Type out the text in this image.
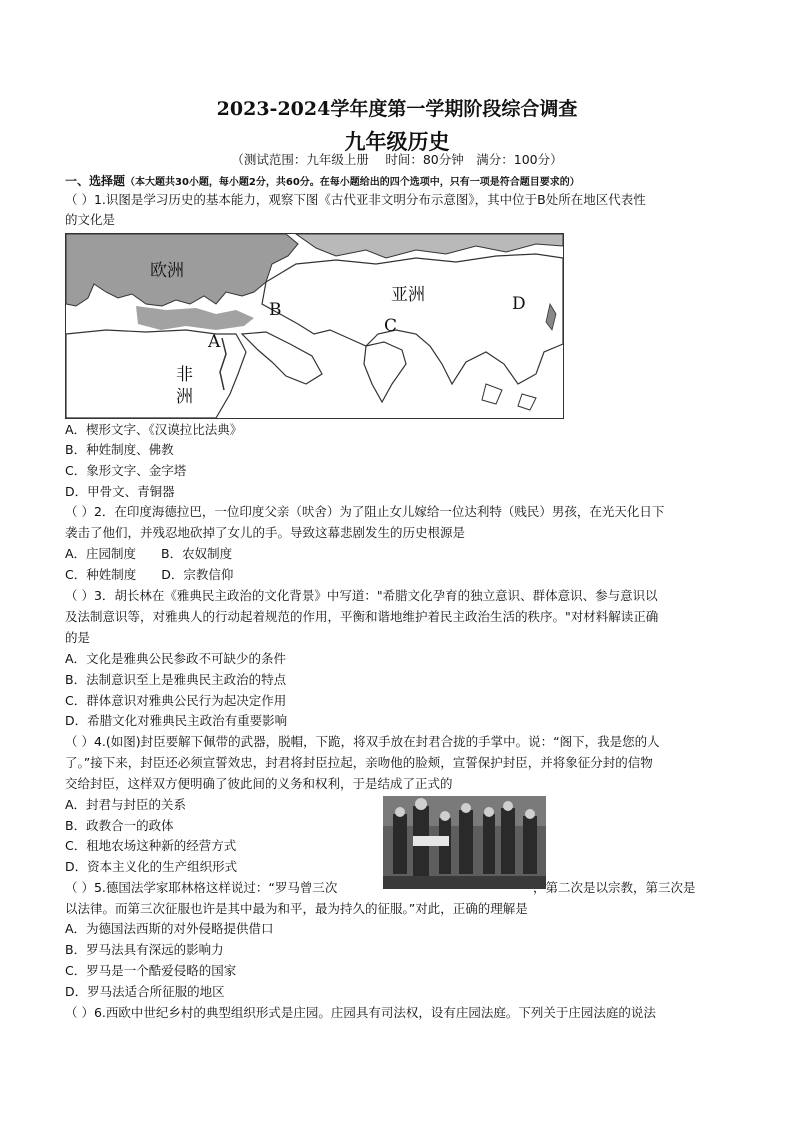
2023-2024学年度第一学期阶段综合调查
九年级历史
（测试范围：九年级上册　 时间：80分钟　满分：100分）
一、选择题（本大题共30小题，每小题2分，共60分。在每小题给出的四个选项中，只有一项是符合题目要求的）
（ ）1.识图是学习历史的基本能力，观察下图《古代亚非文明分布示意图》，其中位于B处所在地区代表性
的文化是
欧洲
亚洲
非
洲
A
B
C
D
A．楔形文字、《汉谟拉比法典》
B．种姓制度、佛教
C．象形文字、金字塔
D．甲骨文、青铜器
（ ）2．在印度海德拉巴，一位印度父亲（吠舍）为了阻止女儿嫁给一位达利特（贱民）男孩，在光天化日下
袭击了他们，并残忍地砍掉了女儿的手。导致这幕悲剧发生的历史根源是
A．庄园制度　　B．农奴制度
C．种姓制度　　D．宗教信仰
（ ）3．胡长林在《雅典民主政治的文化背景》中写道："希腊文化孕育的独立意识、群体意识、参与意识以
及法制意识等，对雅典人的行动起着规范的作用，平衡和谐地维护着民主政治生活的秩序。"对材料解读正确
的是
A．文化是雅典公民参政不可缺少的条件
B．法制意识至上是雅典民主政治的特点
C．群体意识对雅典公民行为起决定作用
D．希腊文化对雅典民主政治有重要影响
（ ）4.(如图)封臣要解下佩带的武器，脱帽，下跪，将双手放在封君合拢的手掌中。说：“阁下，我是您的人
了。”接下来，封臣还必须宣誓效忠，封君将封臣拉起，亲吻他的脸颊，宣誓保护封臣，并将象征分封的信物
交给封臣，这样双方便明确了彼此间的义务和权利，于是结成了正式的
A．封君与封臣的关系
B．政教合一的政体
C．租地农场这种新的经营方式
D．资本主义化的生产组织形式
（ ）5.德国法学家耶林格这样说过：“罗马曾三次	，第二次是以宗教，第三次是
以法律。而第三次征服也许是其中最为和平，最为持久的征服。”对此，正确的理解是
A．为德国法西斯的对外侵略提供借口
B．罗马法具有深远的影响力
C．罗马是一个酷爱侵略的国家
D．罗马法适合所征服的地区
（ ）6.西欧中世纪乡村的典型组织形式是庄园。庄园具有司法权，设有庄园法庭。下列关于庄园法庭的说法
